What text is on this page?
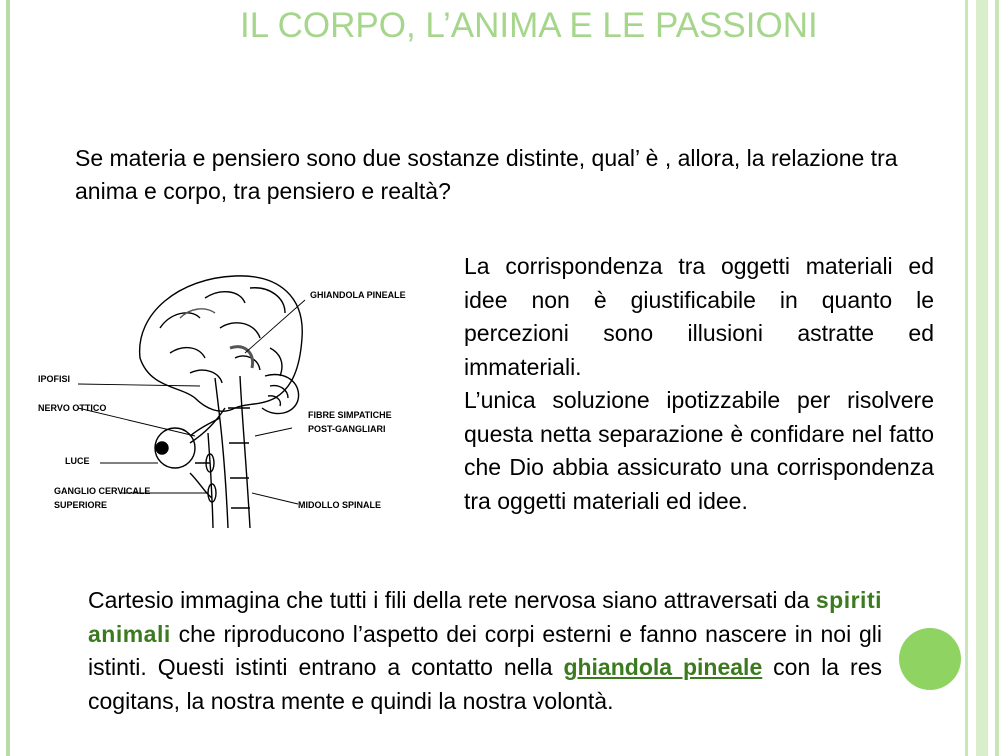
IL CORPO, L’ANIMA E LE PASSIONI

Se materia e pensiero sono due sostanze distinte, qual’ è , allora, la relazione tra anima e corpo, tra pensiero e realtà?

GHIANDOLA PINEALE
IPOFISI
NERVO OTTICO
FIBRE SIMPATICHE
POST-GANGLIARI
LUCE
GANGLIO CERVICALE
SUPERIORE	MIDOLLO SPINALE

La corrispondenza tra oggetti materiali ed idee non è giustificabile in quanto le percezioni sono illusioni astratte ed immateriali.

L’unica soluzione ipotizzabile per risolvere questa netta separazione è confidare nel fatto che Dio abbia assicurato una corrispondenza tra oggetti materiali ed idee.

Cartesio immagina che tutti i fili della rete nervosa siano attraversati da spiriti animali che riproducono l’aspetto dei corpi esterni e fanno nascere in noi gli istinti. Questi istinti entrano a contatto nella ghiandola pineale con la res cogitans, la nostra mente e quindi la nostra volontà.
